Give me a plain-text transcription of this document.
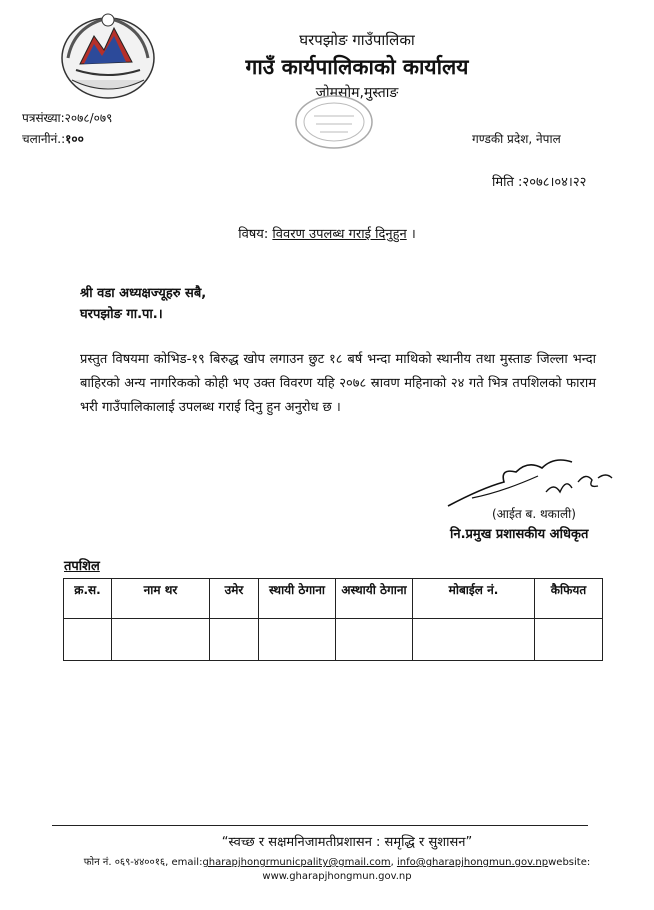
घरपझोङ गाउँपालिका
गाउँ कार्यपालिकाको कार्यालय
जोमसोम,मुस्ताङ
पत्रसंख्या:२०७८/०७९
चलानीनं.:१००	गण्डकी प्रदेश, नेपाल
मिति :२०७८।०४।२२
विषय: विवरण उपलब्ध गराई दिनुहुन ।
श्री वडा अध्यक्षज्यूहरु सबै,
घरपझोङ गा.पा.।
प्रस्तुत विषयमा कोभिड-१९ बिरुद्ध खोप लगाउन छुट १८ बर्ष भन्दा माथिको स्थानीय तथा मुस्ताङ जिल्ला भन्दा बाहिरको अन्य नागरिकको कोही भए उक्त विवरण यहि २०७८ स्रावण महिनाको २४ गते भित्र तपशिलको फाराम भरी गाउँपालिकालाई उपलब्ध गराई दिनु हुन अनुरोध छ ।
(आईत ब. थकाली)
नि.प्रमुख प्रशासकीय अधिकृत
तपशिल
क्र.स.	नाम थर	उमेर	स्थायी ठेगाना	अस्थायी ठेगाना	मोबाईल नं.	कैफियत

“स्वच्छ र सक्षमनिजामतीप्रशासन : समृद्धि र सुशासन”
फोन नं. ०६९-४४००१६, email:gharapjhongrmunicpality@gmail.com, info@gharapjhongmun.gov.npwebsite:
www.gharapjhongmun.gov.np
